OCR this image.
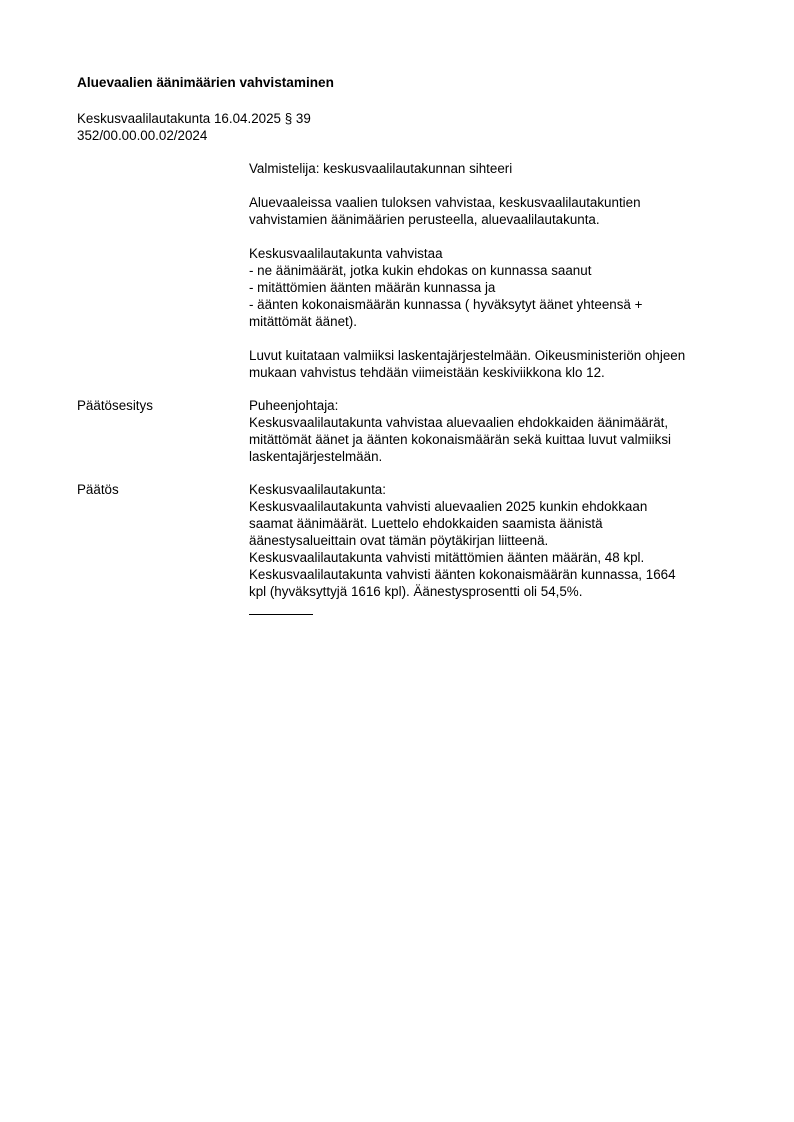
Aluevaalien äänimäärien vahvistaminen
Keskusvaalilautakunta 16.04.2025 § 39
352/00.00.00.02/2024

Valmistelija: keskusvaalilautakunnan sihteeri

Aluevaaleissa vaalien tuloksen vahvistaa, keskusvaalilautakuntien
vahvistamien äänimäärien perusteella, aluevaalilautakunta.

Keskusvaalilautakunta vahvistaa
- ne äänimäärät, jotka kukin ehdokas on kunnassa saanut
- mitättömien äänten määrän kunnassa ja
- äänten kokonaismäärän kunnassa ( hyväksytyt äänet yhteensä +
mitättömät äänet).

Luvut kuitataan valmiiksi laskentajärjestelmään. Oikeusministeriön ohjeen
mukaan vahvistus tehdään viimeistään keskiviikkona klo 12.

Päätösesitys	Puheenjohtaja:
Keskusvaalilautakunta vahvistaa aluevaalien ehdokkaiden äänimäärät,
mitättömät äänet ja äänten kokonaismäärän sekä kuittaa luvut valmiiksi
laskentajärjestelmään.
Päätös	Keskusvaalilautakunta:
Keskusvaalilautakunta vahvisti aluevaalien 2025 kunkin ehdokkaan
saamat äänimäärät. Luettelo ehdokkaiden saamista äänistä
äänestysalueittain ovat tämän pöytäkirjan liitteenä.
Keskusvaalilautakunta vahvisti mitättömien äänten määrän, 48 kpl.
Keskusvaalilautakunta vahvisti äänten kokonaismäärän kunnassa, 1664
kpl (hyväksyttyjä 1616 kpl). Äänestysprosentti oli 54,5%.
